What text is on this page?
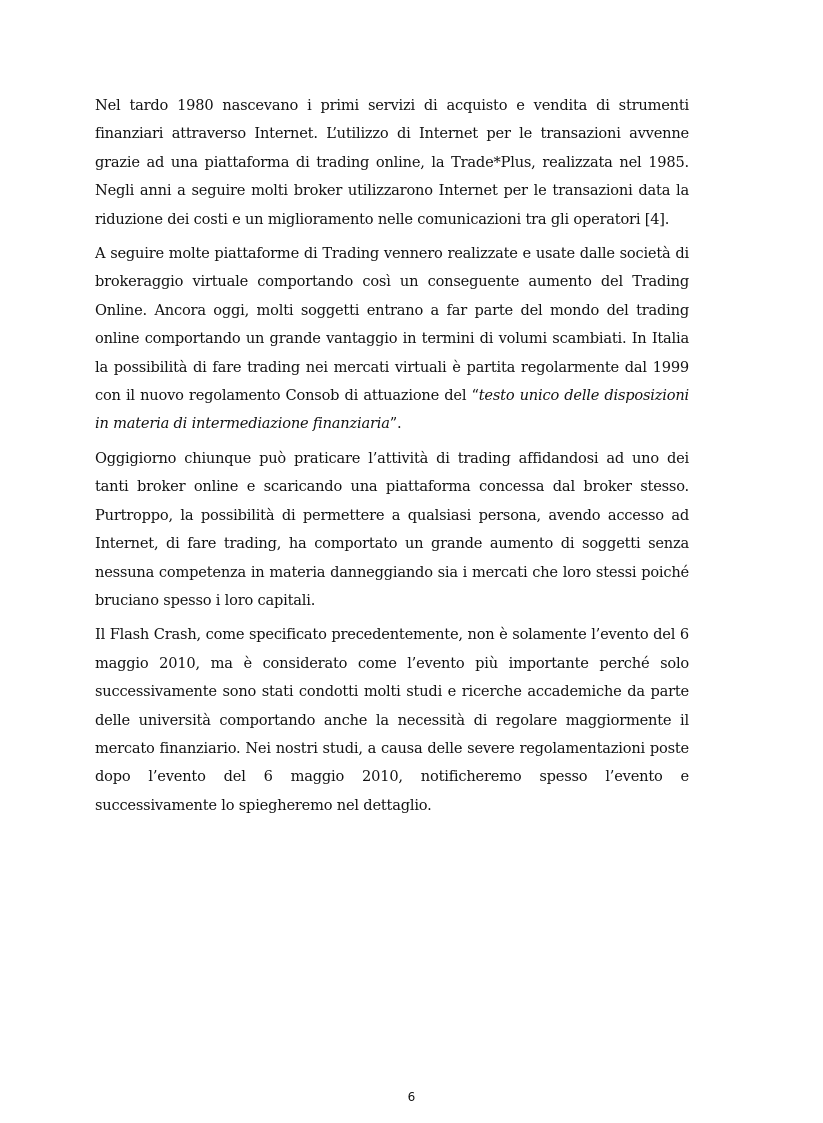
Nel tardo 1980 nascevano i primi servizi di acquisto e vendita di strumenti finanziari attraverso Internet. L’utilizzo di Internet per le transazioni avvenne grazie ad una piattaforma di trading online, la Trade*Plus, realizzata nel 1985. Negli anni a seguire molti broker utilizzarono Internet per le transazioni data la riduzione dei costi e un miglioramento nelle comunicazioni tra gli operatori [4].

A seguire molte piattaforme di Trading vennero realizzate e usate dalle società di brokeraggio virtuale comportando così un conseguente aumento del Trading Online. Ancora oggi, molti soggetti entrano a far parte del mondo del trading online comportando un grande vantaggio in termini di volumi scambiati. In Italia la possibilità di fare trading nei mercati virtuali è partita regolarmente dal 1999 con il nuovo regolamento Consob di attuazione del “testo unico delle disposizioni in materia di intermediazione finanziaria”.

Oggigiorno chiunque può praticare l’attività di trading affidandosi ad uno dei tanti broker online e scaricando una piattaforma concessa dal broker stesso. Purtroppo, la possibilità di permettere a qualsiasi persona, avendo accesso ad Internet, di fare trading, ha comportato un grande aumento di soggetti senza nessuna competenza in materia danneggiando sia i mercati che loro stessi poiché bruciano spesso i loro capitali.

Il Flash Crash, come specificato precedentemente, non è solamente l’evento del 6 maggio 2010, ma è considerato come l’evento più importante perché solo successivamente sono stati condotti molti studi e ricerche accademiche da parte delle università comportando anche la necessità di regolare maggiormente il mercato finanziario. Nei nostri studi, a causa delle severe regolamentazioni poste dopo l’evento del 6 maggio 2010, notificheremo spesso l’evento e successivamente lo spiegheremo nel dettaglio.

6
